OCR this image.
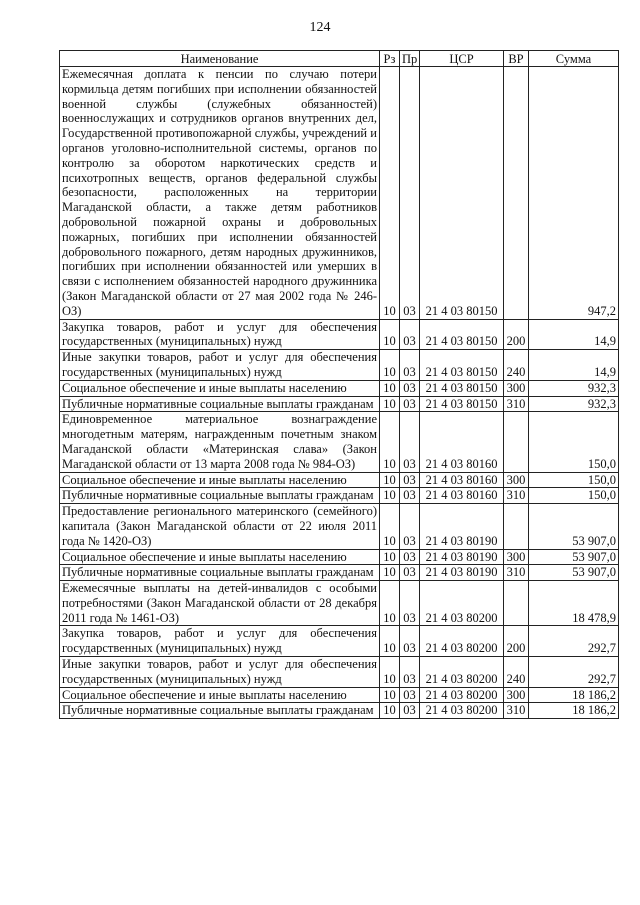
124
Наименование	Рз	Пр	ЦСР	ВР	Сумма
Ежемесячная доплата к пенсии по случаю потери кормильца детям погибших при исполнении обязанностей военной службы (служебных обязанностей) военнослужащих и сотрудников органов внутренних дел, Государственной противопожарной службы, учреждений и органов уголовно-исполнительной системы, органов по контролю за оборотом наркотических средств и психотропных веществ, органов федеральной службы безопасности, расположенных на территории Магаданской области, а также детям работников добровольной пожарной охраны и добровольных пожарных, погибших при исполнении обязанностей добровольного пожарного, детям народных дружинников, погибших при исполнении обязанностей или умерших в связи с исполнением обязанностей народного дружинника (Закон Магаданской области от 27 мая 2002 года № 246-ОЗ)	10	03	21 4 03 80150		947,2
Закупка товаров, работ и услуг для обеспечения государственных (муниципальных) нужд	10	03	21 4 03 80150	200	14,9
Иные закупки товаров, работ и услуг для обеспечения государственных (муниципальных) нужд	10	03	21 4 03 80150	240	14,9
Социальное обеспечение и иные выплаты населению	10	03	21 4 03 80150	300	932,3
Публичные нормативные социальные выплаты гражданам	10	03	21 4 03 80150	310	932,3
Единовременное материальное вознаграждение многодетным матерям, награжденным почетным знаком Магаданской области «Материнская слава» (Закон Магаданской области от 13 марта 2008 года № 984-ОЗ)	10	03	21 4 03 80160		150,0
Социальное обеспечение и иные выплаты населению	10	03	21 4 03 80160	300	150,0
Публичные нормативные социальные выплаты гражданам	10	03	21 4 03 80160	310	150,0
Предоставление регионального материнского (семейного) капитала (Закон Магаданской области от 22 июля 2011 года № 1420-ОЗ)	10	03	21 4 03 80190		53 907,0
Социальное обеспечение и иные выплаты населению	10	03	21 4 03 80190	300	53 907,0
Публичные нормативные социальные выплаты гражданам	10	03	21 4 03 80190	310	53 907,0
Ежемесячные выплаты на детей-инвалидов с особыми потребностями (Закон Магаданской области от 28 декабря 2011 года № 1461-ОЗ)	10	03	21 4 03 80200		18 478,9
Закупка товаров, работ и услуг для обеспечения государственных (муниципальных) нужд	10	03	21 4 03 80200	200	292,7
Иные закупки товаров, работ и услуг для обеспечения государственных (муниципальных) нужд	10	03	21 4 03 80200	240	292,7
Социальное обеспечение и иные выплаты населению	10	03	21 4 03 80200	300	18 186,2
Публичные нормативные социальные выплаты гражданам	10	03	21 4 03 80200	310	18 186,2
